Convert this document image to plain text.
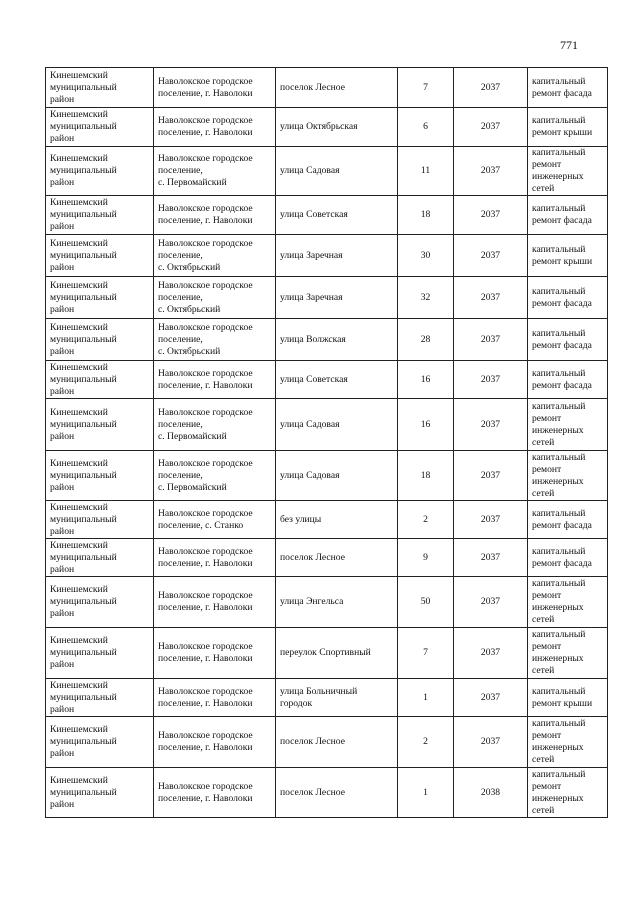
771
Кинешемский
муниципальный
район	Наволокское городское
поселение, г. Наволоки	поселок Лесное	7	2037	капитальный
ремонт фасада

Кинешемский
муниципальный
район	Наволокское городское
поселение, г. Наволоки	улица Октябрьская	6	2037	капитальный
ремонт крыши

Кинешемский
муниципальный
район	Наволокское городское
поселение,
с. Первомайский	улица Садовая	11	2037	капитальный
ремонт
инженерных
сетей

Кинешемский
муниципальный
район	Наволокское городское
поселение, г. Наволоки	улица Советская	18	2037	капитальный
ремонт фасада

Кинешемский
муниципальный
район	Наволокское городское
поселение,
с. Октябрьский	улица Заречная	30	2037	капитальный
ремонт крыши

Кинешемский
муниципальный
район	Наволокское городское
поселение,
с. Октябрьский	улица Заречная	32	2037	капитальный
ремонт фасада

Кинешемский
муниципальный
район	Наволокское городское
поселение,
с. Октябрьский	улица Волжская	28	2037	капитальный
ремонт фасада

Кинешемский
муниципальный
район	Наволокское городское
поселение, г. Наволоки	улица Советская	16	2037	капитальный
ремонт фасада

Кинешемский
муниципальный
район	Наволокское городское
поселение,
с. Первомайский	улица Садовая	16	2037	капитальный
ремонт
инженерных
сетей

Кинешемский
муниципальный
район	Наволокское городское
поселение,
с. Первомайский	улица Садовая	18	2037	капитальный
ремонт
инженерных
сетей

Кинешемский
муниципальный
район	Наволокское городское
поселение, с. Станко	без улицы	2	2037	капитальный
ремонт фасада

Кинешемский
муниципальный
район	Наволокское городское
поселение, г. Наволоки	поселок Лесное	9	2037	капитальный
ремонт фасада

Кинешемский
муниципальный
район	Наволокское городское
поселение, г. Наволоки	улица Энгельса	50	2037	капитальный
ремонт
инженерных
сетей

Кинешемский
муниципальный
район	Наволокское городское
поселение, г. Наволоки	переулок Спортивный	7	2037	капитальный
ремонт
инженерных
сетей

Кинешемский
муниципальный
район	Наволокское городское
поселение, г. Наволоки	улица Больничный
городок	1	2037	капитальный
ремонт крыши

Кинешемский
муниципальный
район	Наволокское городское
поселение, г. Наволоки	поселок Лесное	2	2037	капитальный
ремонт
инженерных
сетей

Кинешемский
муниципальный
район	Наволокское городское
поселение, г. Наволоки	поселок Лесное	1	2038	капитальный
ремонт
инженерных
сетей
